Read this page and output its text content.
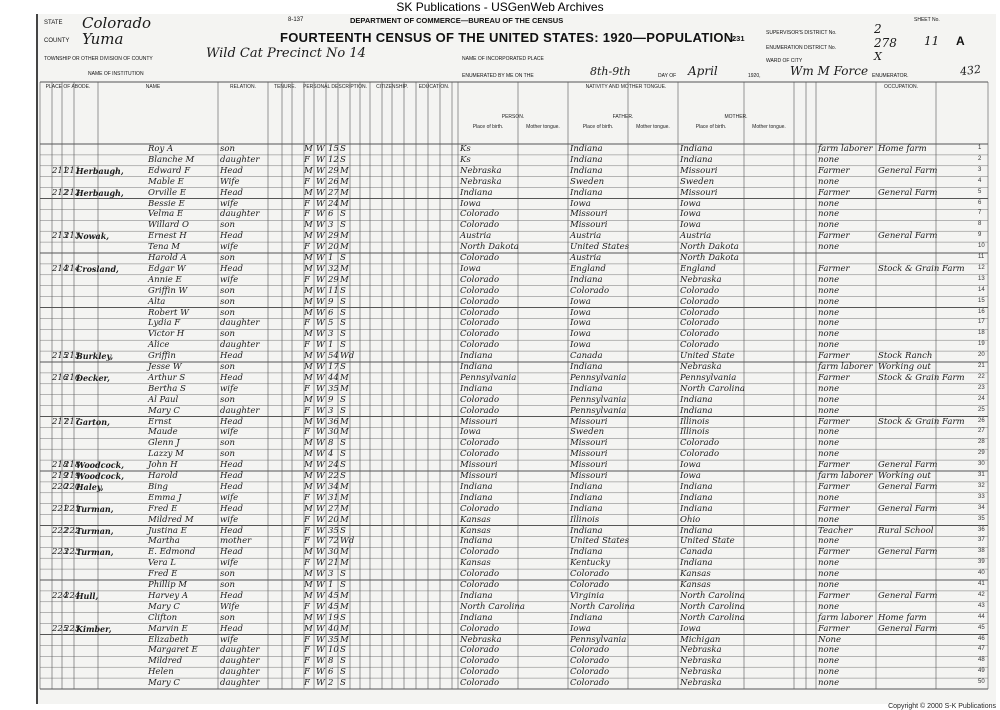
SK Publications - USGenWeb Archives
8-137	DEPARTMENT OF COMMERCE—BUREAU OF THE CENSUS
FOURTEENTH CENSUS OF THE UNITED STATES: 1920—POPULATION
231
STATE Colorado
COUNTY Yuma
TOWNSHIP OR OTHER DIVISION OF COUNTY	Wild Cat Precinct No 14
NAME OF INSTITUTION
NAME OF INCORPORATED PLACE
ENUMERATED BY ME ON THE	8th-9th	DAY OF April	1920, Wm M Force ENUMERATOR.
SUPERVISOR'S DISTRICT No.	2
ENUMERATION DISTRICT No.	278
SHEET No.
11 A
WARD OF CITY	X
432
PLACE OF ABODE.	NAME	RELATION.	TENURE.	PERSONAL DESCRIPTION.	CITIZENSHIP.	EDUCATION.	NATIVITY AND MOTHER TONGUE.	OCCUPATION.
PERSON.	FATHER.	MOTHER.
Place of birth.	Mother tongue.	Place of birth.	Mother tongue.	Place of birth.	Mother tongue.
1
Roy A	son	M W 15 S	Ks	Indiana	Indiana	farm laborer Home farm
2
Blanche M	daughter	F W 12 S	Ks	Indiana	Indiana	none
3
211
211
Herbaugh,	Edward F	Head	M W 29 M	Nebraska	Indiana	Missouri	Farmer	General Farm
4
Mable E	Wife	F W 26 M	Nebraska	Sweden	Sweden	none
5
212
212
Herbaugh,	Orville E	Head	M W 27 M	Indiana	Indiana	Missouri	Farmer	General Farm
6
Bessie E	wife	F W 24 M	Iowa	Iowa	Iowa	none
7
Velma E	daughter	F W 6 S	Colorado	Missouri	Iowa	none
8
Willard O	son	M W 3 S	Colorado	Missouri	Iowa	none
9
213
213
Nowak,	Ernest H	Head	M W 29 M	Austria	Austria	Austria	Farmer	General Farm
10
Tena M	wife	F W 20 M	North Dakota	United States	North Dakota	none
11
Harold A	son	M W 1 S	Colorado	Austria	North Dakota
12
214
214
Crosland,	Edgar W	Head	M W 32 M	Iowa	England	England	Farmer	Stock & Grain Farm
13
Annie E	wife	F W 29 M	Colorado	Indiana	Nebraska	none
14
Griffin W	son	M W 11 S	Colorado	Colorado	Colorado	none
15
Alta	son	M W 9 S	Colorado	Iowa	Colorado	none
16
Robert W	son	M W 6 S	Colorado	Iowa	Colorado	none
17
Lydia F	daughter	F W 5 S	Colorado	Iowa	Colorado	none
18
Victor H	son	M W 3 S	Colorado	Iowa	Colorado	none
19
Alice	daughter	F W 1 S	Colorado	Iowa	Colorado	none
20
215
215
Burkley,	Griffin	Head	M W 54 Wd	Indiana	Canada	United State	Farmer	Stock Ranch
21
Jesse W	son	M W 17 S	Indiana	Indiana	Nebraska	farm laborer Working out
22
216
216
Decker,	Arthur S	Head	M W 44 M	Pennsylvania	Pennsylvania	Pennsylvania	Farmer	Stock & Grain Farm
23
Bertha S	wife	F W 35 M	Indiana	Indiana	North Carolina	none
24
Al Paul	son	M W 9 S	Colorado	Pennsylvania	Indiana	none
25
Mary C	daughter	F W 3 S	Colorado	Pennsylvania	Indiana	none
26
217
217
Garton,	Ernst	Head	M W 36 M	Missouri	Missouri	Illinois	Farmer	Stock & Grain Farm
27
Maude	wife	F W 30 M	Iowa	Sweden	Illinois	none
28
Glenn J	son	M W 8 S	Colorado	Missouri	Colorado	none
29
Lazzy M	son	M W 4 S	Colorado	Missouri	Colorado	none
30
218
218
Woodcock,	John H	Head	M W 24 S	Missouri	Missouri	Iowa	Farmer	General Farm
31
219
219
Woodcock,	Harold	Head	M W 22 S	Missouri	Missouri	Iowa	farm laborer Working out
32
220
220
Haley,	Bing	Head	M W 34 M	Indiana	Indiana	Indiana	Farmer	General Farm
33
Emma J	wife	F W 31 M	Indiana	Indiana	Indiana	none
34
221
221
Turman,	Fred E	Head	M W 27 M	Colorado	Indiana	Indiana	Farmer	General Farm
35
Mildred M	wife	F W 20 M	Kansas	Illinois	Ohio	none
36
222
222
Turman,	Justina E	Head	F W 35 S	Kansas	Indiana	Indiana	Teacher	Rural School
37
Martha	mother	F W 72 Wd	Indiana	United States	United State	none
38
223
223
Turman,	E. Edmond	Head	M W 30 M	Colorado	Indiana	Canada	Farmer	General Farm
39
Vera L	wife	F W 21 M	Kansas	Kentucky	Indiana	none
40
Fred E	son	M W 3 S	Colorado	Colorado	Kansas	none
41
Phillip M	son	M W 1 S	Colorado	Colorado	Kansas	none
42
224
224
Hull,	Harvey A	Head	M W 45 M	Indiana	Virginia	North Carolina	Farmer	General Farm
43
Mary C	Wife	F W 45 M	North Carolina	North Carolina	North Carolina	none
44
Clifton	son	M W 19 S	Indiana	Indiana	North Carolina	farm laborer Home farm
45
225
225
Kimber,	Marvin E	Head	M W 40 M	Colorado	Iowa	Iowa	Farmer	General Farm
46
Elizabeth	wife	F W 35 M	Nebraska	Pennsylvania	Michigan	None
47
Margaret E	daughter	F W 10 S	Colorado	Colorado	Nebraska	none
48
Mildred	daughter	F W 8 S	Colorado	Colorado	Nebraska	none
49
Helen	daughter	F W 6 S	Colorado	Colorado	Nebraska	none
50
Mary C	daughter	F W 2 S	Colorado	Colorado	Nebraska	none
Copyright © 2000 S-K Publications
